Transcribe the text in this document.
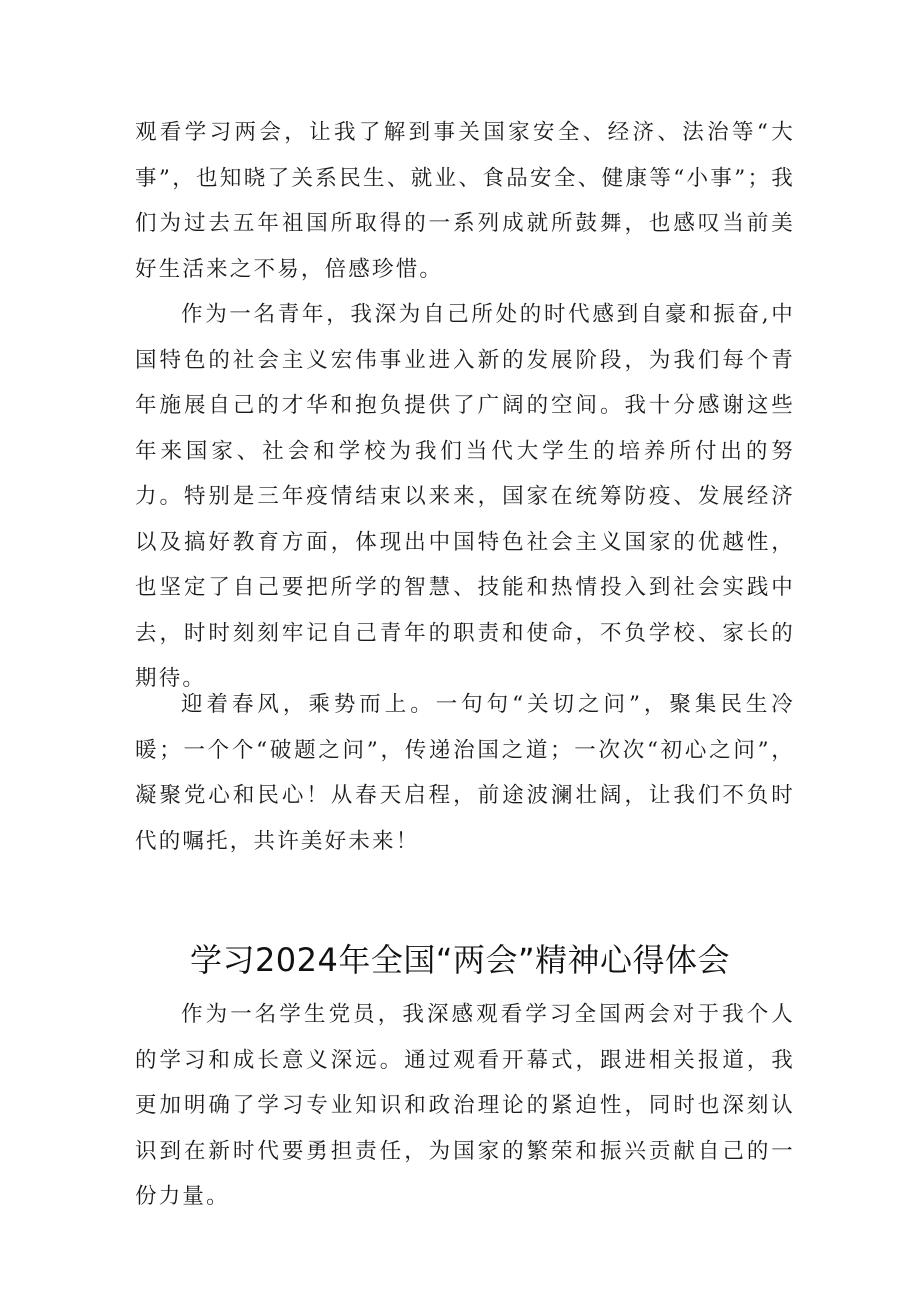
观看学习两会，让我了解到事关国家安全、经济、法治等“大事”，也知晓了关系民生、就业、食品安全、健康等“小事”；我们为过去五年祖国所取得的一系列成就所鼓舞，也感叹当前美好生活来之不易，倍感珍惜。

作为一名青年，我深为自己所处的时代感到自豪和振奋,中国特色的社会主义宏伟事业进入新的发展阶段，为我们每个青年施展自己的才华和抱负提供了广阔的空间。我十分感谢这些年来国家、社会和学校为我们当代大学生的培养所付出的努力。特别是三年疫情结束以来来，国家在统筹防疫、发展经济以及搞好教育方面，体现出中国特色社会主义国家的优越性，也坚定了自己要把所学的智慧、技能和热情投入到社会实践中去，时时刻刻牢记自己青年的职责和使命，不负学校、家长的期待。

迎着春风，乘势而上。一句句“关切之问”，聚集民生冷暖；一个个“破题之问”，传递治国之道；一次次“初心之问”，凝聚党心和民心！从春天启程，前途波澜壮阔，让我们不负时代的嘱托，共许美好未来！

学习2024年全国“两会”精神心得体会

作为一名学生党员，我深感观看学习全国两会对于我个人的学习和成长意义深远。通过观看开幕式，跟进相关报道，我更加明确了学习专业知识和政治理论的紧迫性，同时也深刻认识到在新时代要勇担责任，为国家的繁荣和振兴贡献自己的一份力量。
